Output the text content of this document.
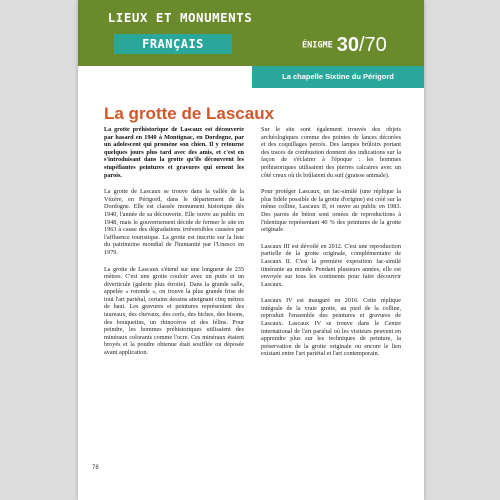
LIEUX ET MONUMENTS
FRANÇAIS	ÉNIGME 30/70
La chapelle Sixtine du Périgord
La grotte de Lascaux

La grotte préhistorique de Lascaux est découverte par hasard en 1940 à Montignac, en Dordogne, par un adolescent qui promène son chien. Il y retourne quelques jours plus tard avec des amis, et c'est en s'introduisant dans la grotte qu'ils découvrent les stupéfiantes peintures et gravures qui ornent les parois.

La grotte de Lascaux se trouve dans la vallée de la Vézère, en Périgord, dans le département de la Dordogne. Elle est classée monument historique dès 1940, l'année de sa découverte. Elle ouvre au public en 1948, mais le gouvernement décide de fermer le site en 1963 à cause des dégradations irréversibles causées par l'affluence touristique. La grotte est inscrite sur la liste du patrimoine mondial de l'humanité par l'Unesco en 1979.

La grotte de Lascaux s'étend sur une longueur de 235 mètres. C'est une grotte couloir avec un puits et un diverticule (galerie plus étroite). Dans la grande salle, appelée « rotonde », on trouve la plus grande frise de tout l'art pariétal, certains dessins atteignant cinq mètres de haut. Les gravures et peintures représentent des taureaux, des chevaux, des cerfs, des biches, des bisons, des bouquetins, un rhinocéros et des félins. Pour peindre, les hommes préhistoriques utilisaient des minéraux colorants comme l'ocre. Ces minéraux étaient broyés et la poudre obtenue était soufflée ou déposée avant application.

Sur le site sont également trouvés des objets archéologiques comme des pointes de lances décorées et des coquillages percés. Des lampes brûloirs portant des traces de combustion donnent des indications sur la façon de s'éclairer à l'époque : les hommes préhistoriques utilisaient des pierres calcaires avec un côté creux où ils brûlaient du suif (graisse animale).

Pour protéger Lascaux, un fac-similé (une réplique la plus fidèle possible de la grotte d'origine) est créé sur la même colline, Lascaux II, et ouvre au public en 1983. Des parois de béton sont ornées de reproductions à l'identique représentant 40 % des peintures de la grotte originale.

Lascaux III est dévoilé en 2012. C'est une reproduction partielle de la grotte originale, complémentaire de Lascaux II. C'est la première exposition fac-similé itinérante au monde. Pendant plusieurs années, elle est envoyée sur tous les continents pour faire découvrir Lascaux.

Lascaux IV est inauguré en 2016. Cette réplique intégrale de la vraie grotte, au pied de la colline, reproduit l'ensemble des peintures et gravures de Lascaux. Lascaux IV se trouve dans le Centre international de l'art pariétal où les visiteurs peuvent en apprendre plus sur les techniques de peinture, la préservation de la grotte originale ou encore le lien existant entre l'art pariétal et l'art contemporain.

78
